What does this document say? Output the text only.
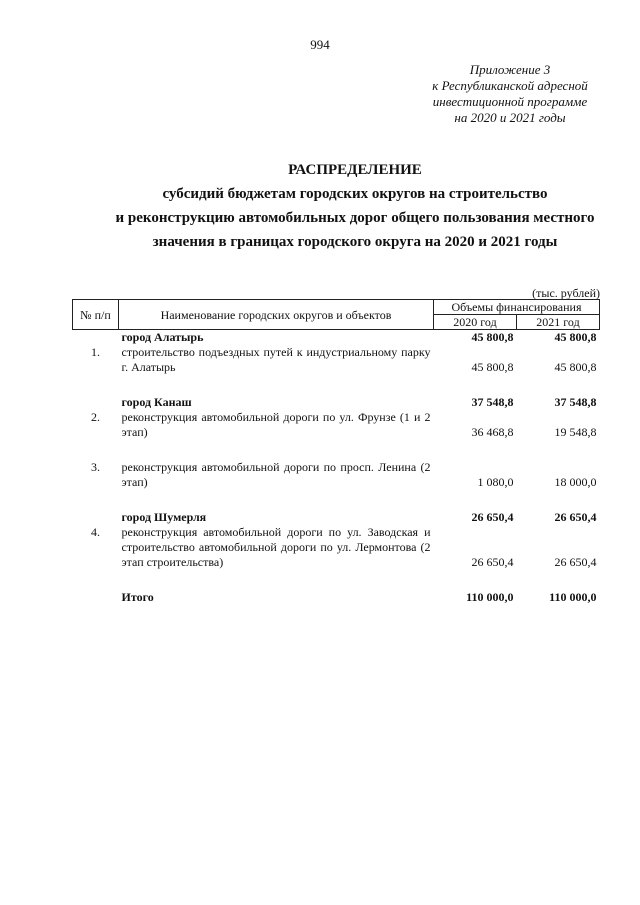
994
Приложение 3
к Республиканской адресной
инвестиционной программе
на 2020 и 2021 годы
РАСПРЕДЕЛЕНИЕ
субсидий бюджетам городских округов на строительство
и реконструкцию автомобильных дорог общего пользования местного
значения в границах городского округа на 2020 и 2021 годы
(тыс. рублей)
№ п/п	Наименование городских округов и объектов	Объемы финансирования	
		2020 год	2021 год
	город Алатырь	45 800,8	45 800,8
1.	строительство подъездных путей к индустриальному парку г. Алатырь	45 800,8	45 800,8

	город Канаш	37 548,8	37 548,8
2.	реконструкция автомобильной дороги по ул. Фрунзе (1 и 2 этап)	36 468,8	19 548,8

3.	реконструкция автомобильной дороги по просп. Ленина (2 этап)	1 080,0	18 000,0

	город Шумерля	26 650,4	26 650,4
4.	реконструкция автомобильной дороги по ул. Заводская и строительство автомобильной дороги по ул. Лермонтова (2 этап строительства)	26 650,4	26 650,4

	Итого	110 000,0	110 000,0
